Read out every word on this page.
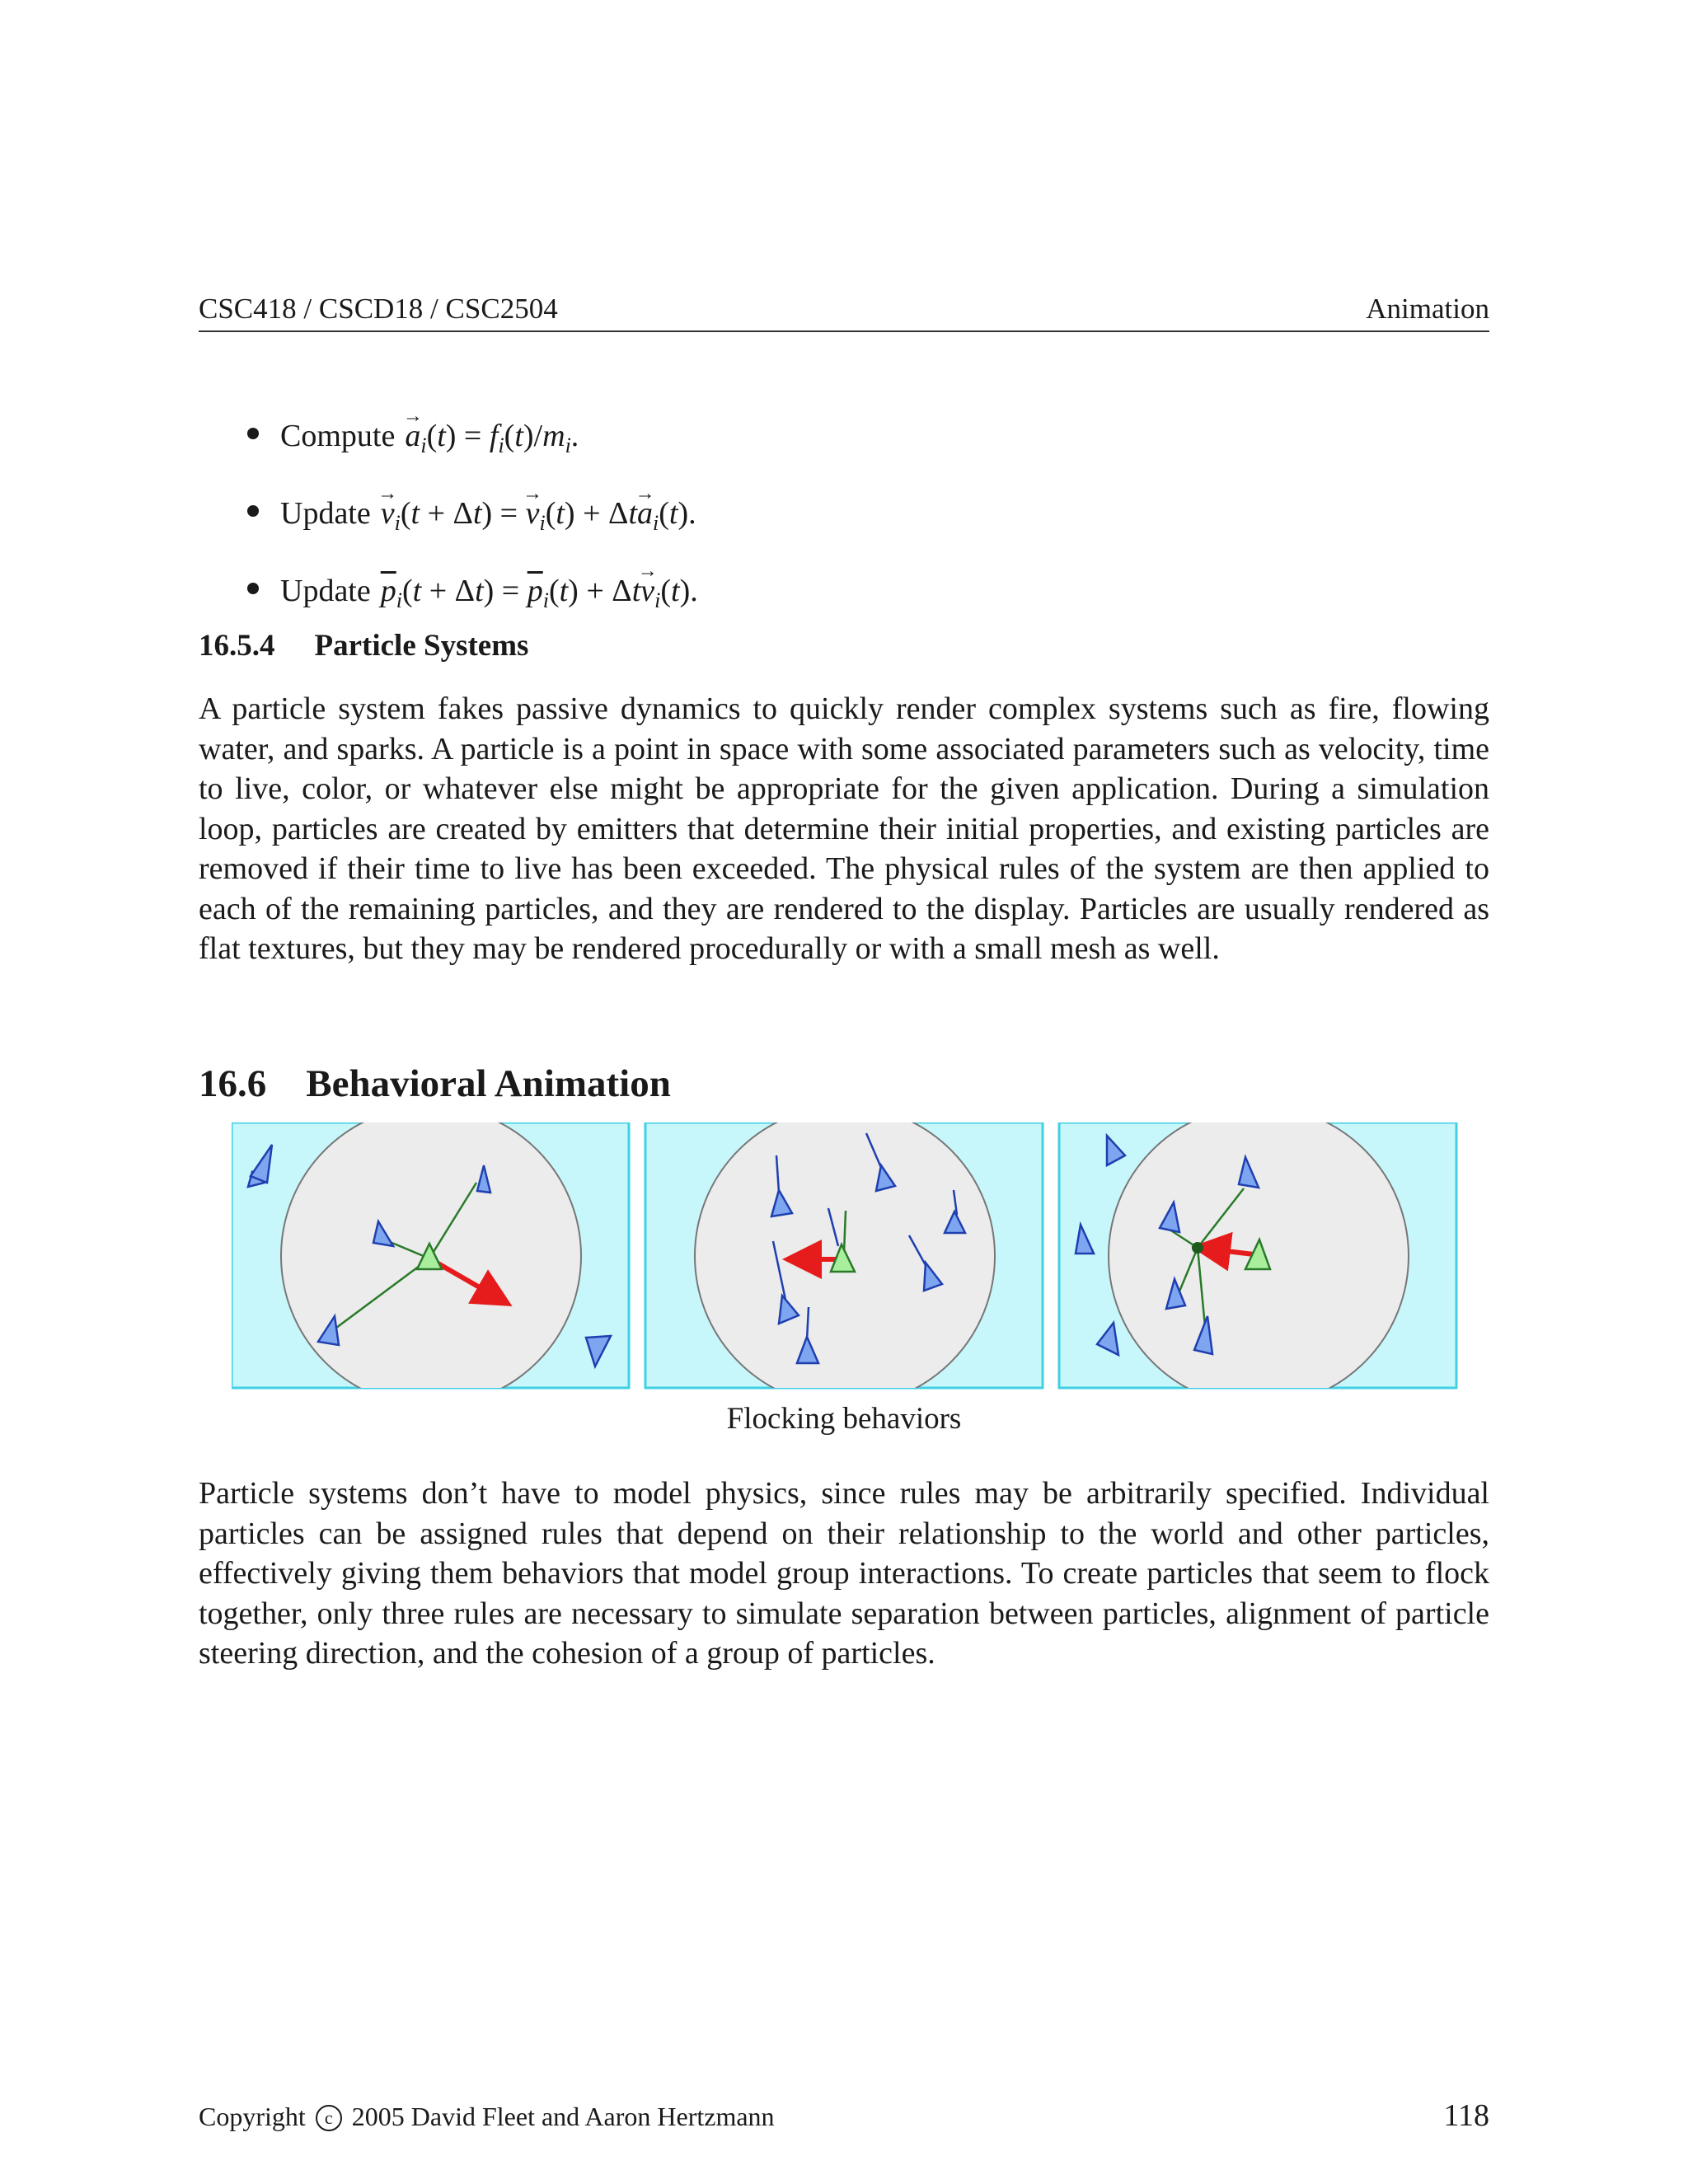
CSC418 / CSCD18 / CSC2504	Animation
Compute → $a_i(t) = f_i(t)/m_i$.
Update → $v_i(t + \Delta t)$ = → $v_i(t) + \Delta t\to a_i(t)$.
Update $\overline{p}_i(t + \Delta t) = \overline{p}_i(t) + \Delta t\to v_i(t)$.
16.5.4 Particle Systems

A particle system fakes passive dynamics to quickly render complex systems such as fire, flowing water, and sparks. A particle is a point in space with some associated parameters such as velocity, time to live, color, or whatever else might be appropriate for the given application. During a simulation loop, particles are created by emitters that determine their initial properties, and existing particles are removed if their time to live has been exceeded. The physical rules of the system are then applied to each of the remaining particles, and they are rendered to the display. Particles are usually rendered as flat textures, but they may be rendered procedurally or with a small mesh as well.

16.6 Behavioral Animation
Flocking behaviors

Particle systems don’t have to model physics, since rules may be arbitrarily specified. Individual particles can be assigned rules that depend on their relationship to the world and other particles, effectively giving them behaviors that model group interactions. To create particles that seem to flock together, only three rules are necessary to simulate separation between particles, alignment of particle steering direction, and the cohesion of a group of particles.

Copyright c 2005 David Fleet and Aaron Hertzmann	118
